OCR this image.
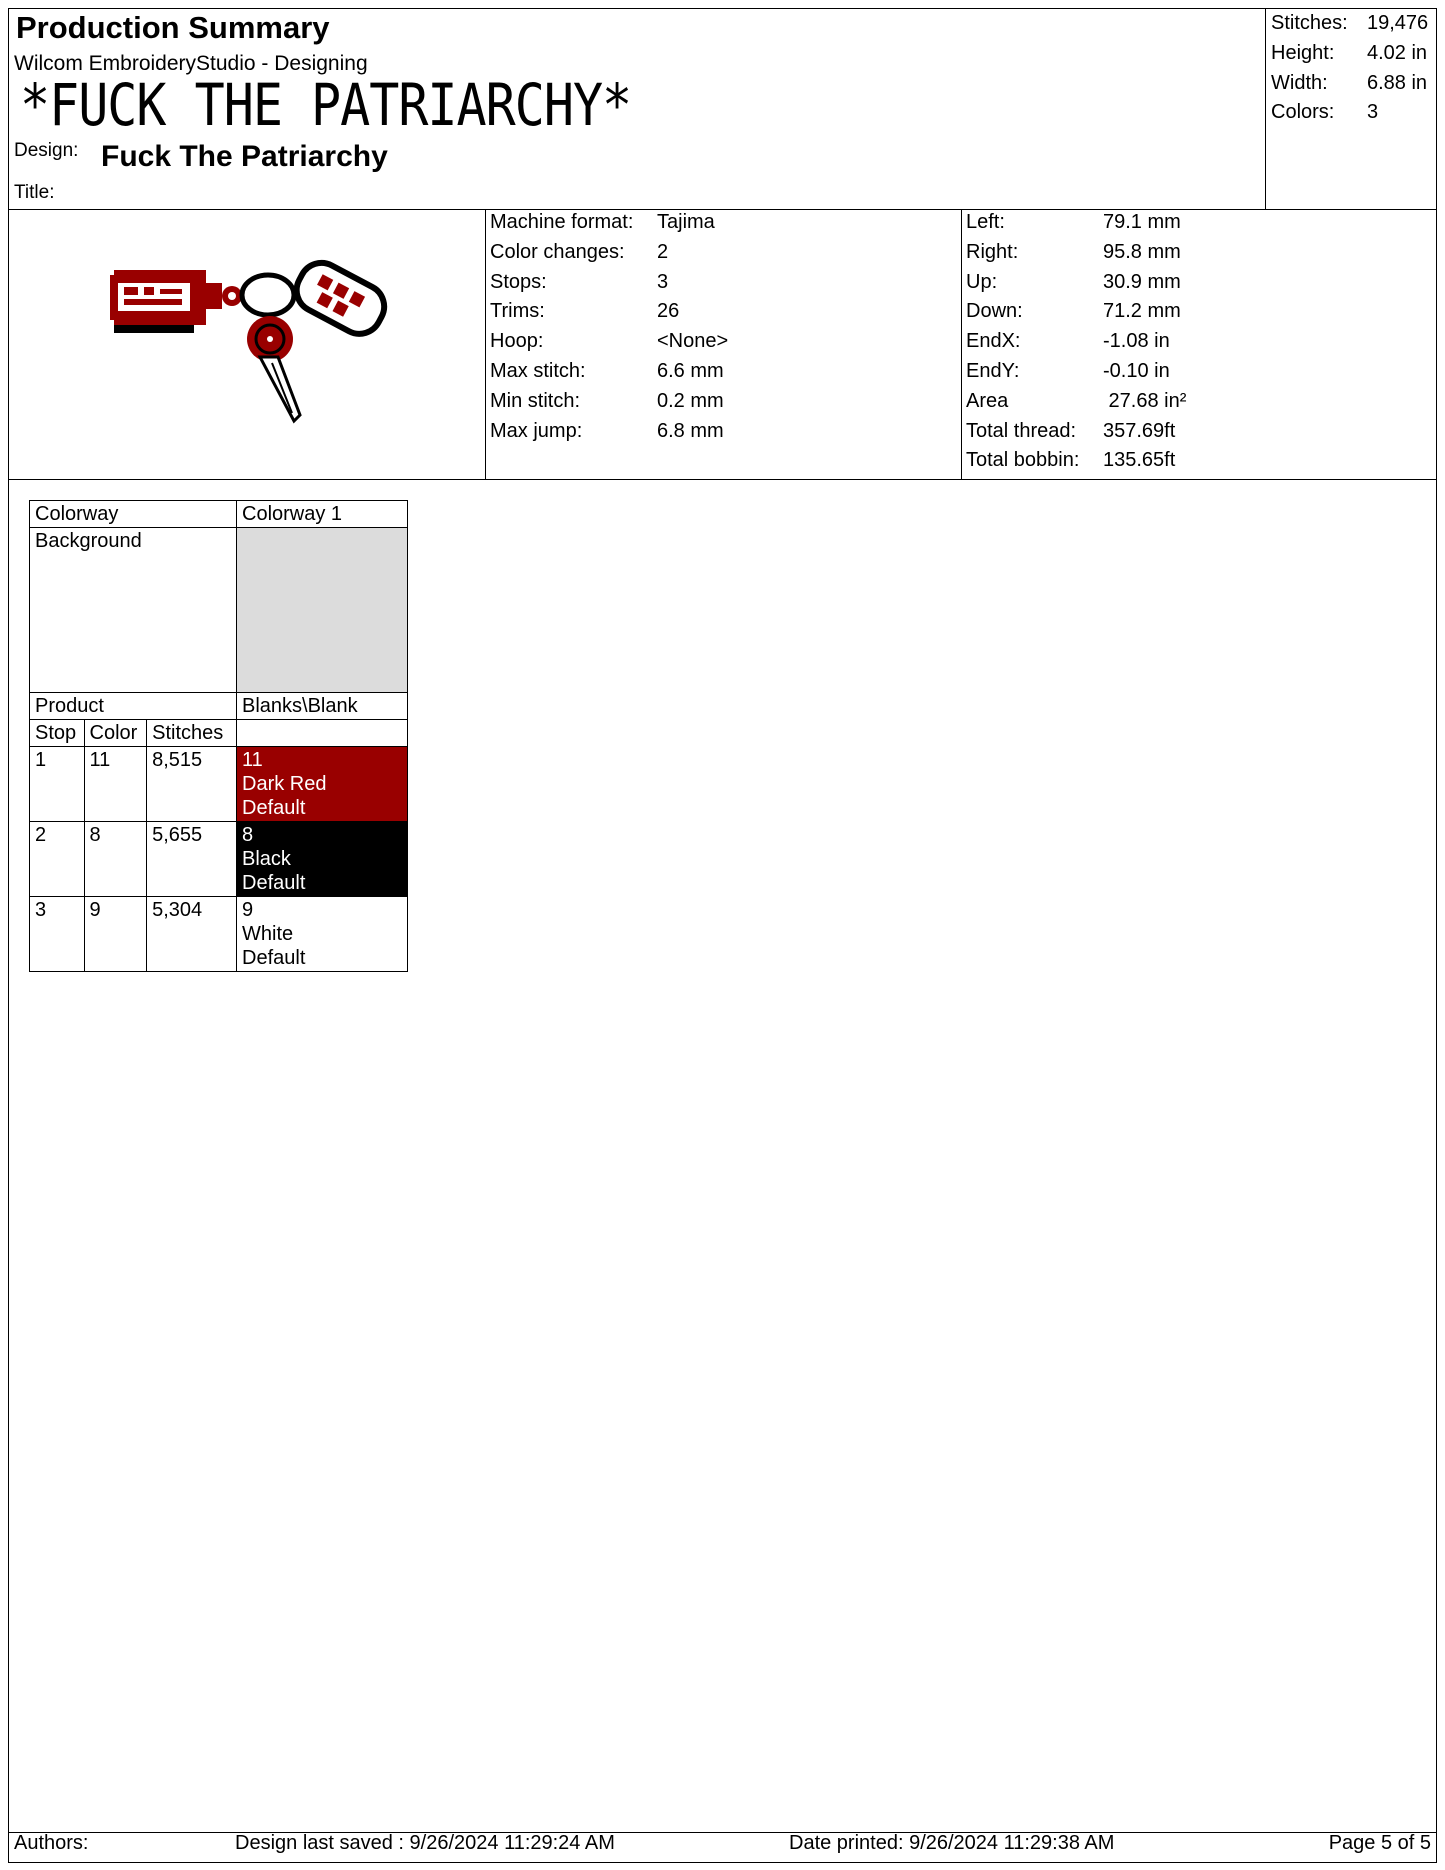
Production Summary
Wilcom EmbroideryStudio - Designing
*FUCK THE PATRIARCHY*
Design: Fuck The Patriarchy
Title:
Stitches: 19,476
Height:	4.02 in
Width:	6.88 in
Colors:	3
Machine format:	Tajima
Color changes:	2
Stops:	3
Trims:	26
Hoop:	<None>
Max stitch:	6.6 mm
Min stitch:	0.2 mm
Max jump:	6.8 mm
Left:	79.1 mm
Right:	95.8 mm
Up:	30.9 mm
Down:	71.2 mm
EndX:	-1.08 in
EndY:	-0.10 in
Area	27.68 in²
Total thread:	357.69ft
Total bobbin:	135.65ft
Colorway			Colorway 1
Background			
Product			Blanks\Blank
Stop	Color	Stitches	
1	11	8,515	11
Dark Red
Default

2	8	5,655	8
Black
Default

3	9	5,304	9
White
Default
Authors:	Design last saved : 9/26/2024 11:29:24 AM	Date printed: 9/26/2024 11:29:38 AM	Page 5 of 5
